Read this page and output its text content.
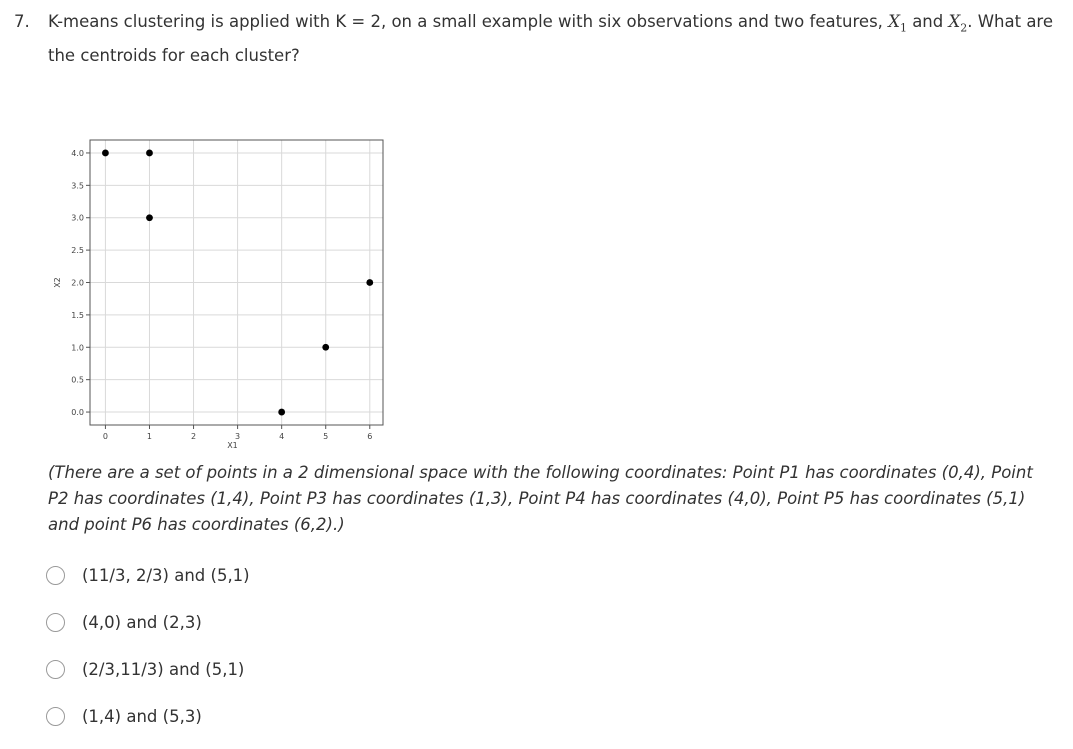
7. K-means clustering is applied with K = 2, on a small example with six observations and two features, $X_1$ and $X_2$. What are the centroids for each cluster?
0	1	2	3	4	5	6
0.0
0.5
1.0
1.5
2.0
2.5
3.0
3.5
4.0
X1
X2
(There are a set of points in a 2 dimensional space with the following coordinates: Point P1 has coordinates (0,4), Point P2 has coordinates (1,4), Point P3 has coordinates (1,3), Point P4 has coordinates (4,0), Point P5 has coordinates (5,1) and point P6 has coordinates (6,2).)
(11/3, 2/3) and (5,1)
(4,0) and (2,3)
(2/3,11/3) and (5,1)
(1,4) and (5,3)
